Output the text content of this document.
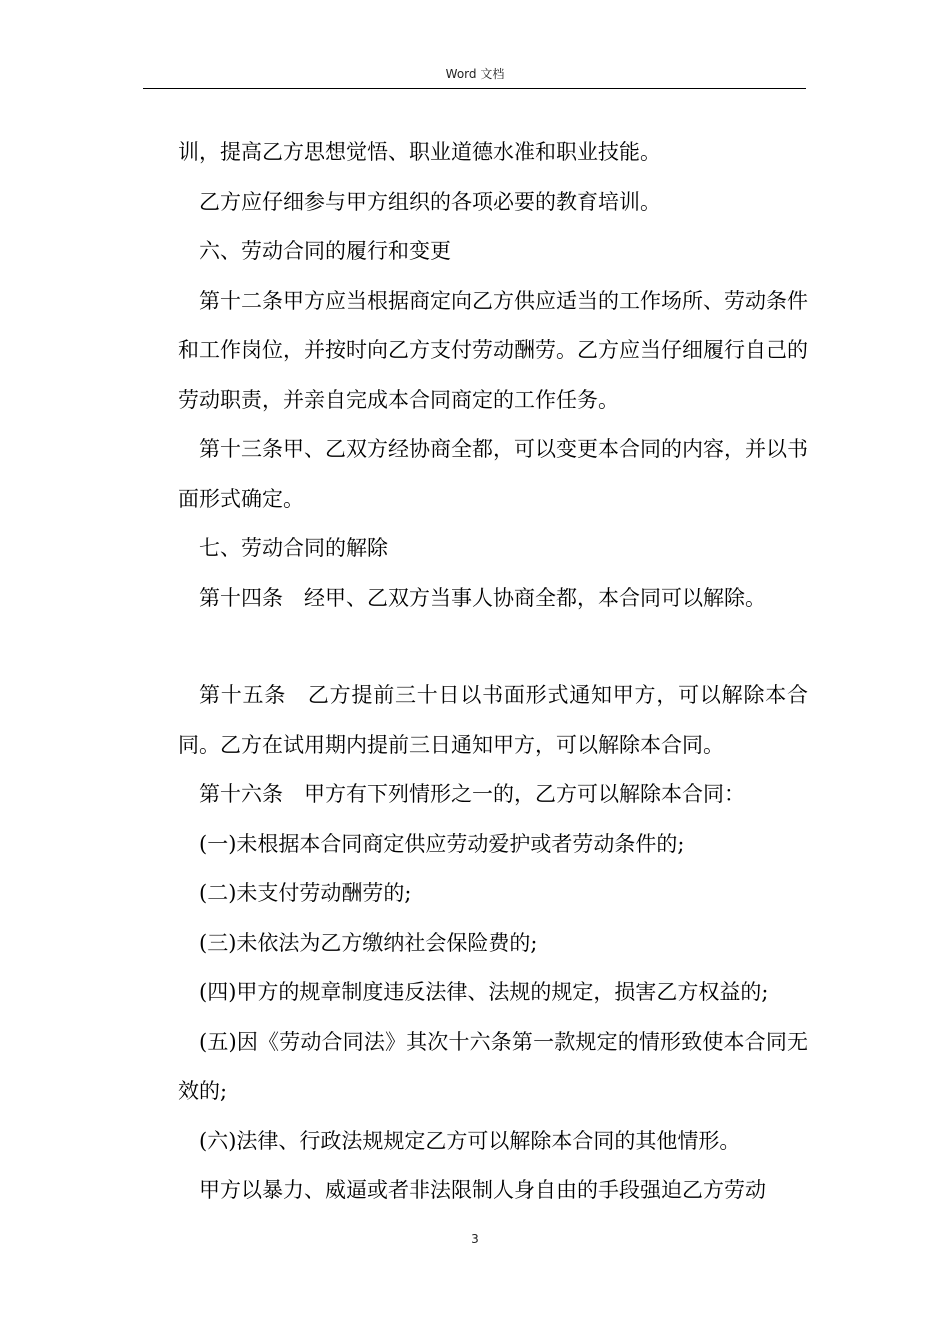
Word 文档

训，提高乙方思想觉悟、职业道德水准和职业技能。

乙方应仔细参与甲方组织的各项必要的教育培训。

六、劳动合同的履行和变更

第十二条甲方应当根据商定向乙方供应适当的工作场所、劳动条件和工作岗位，并按时向乙方支付劳动酬劳。乙方应当仔细履行自己的劳动职责，并亲自完成本合同商定的工作任务。

第十三条甲、乙双方经协商全都，可以变更本合同的内容，并以书面形式确定。

七、劳动合同的解除

第十四条　经甲、乙双方当事人协商全都，本合同可以解除。

第十五条　乙方提前三十日以书面形式通知甲方，可以解除本合同。乙方在试用期内提前三日通知甲方，可以解除本合同。

第十六条　甲方有下列情形之一的，乙方可以解除本合同：

(一)未根据本合同商定供应劳动爱护或者劳动条件的;

(二)未支付劳动酬劳的;

(三)未依法为乙方缴纳社会保险费的;

(四)甲方的规章制度违反法律、法规的规定，损害乙方权益的;

(五)因《劳动合同法》其次十六条第一款规定的情形致使本合同无效的;

(六)法律、行政法规规定乙方可以解除本合同的其他情形。

甲方以暴力、威逼或者非法限制人身自由的手段强迫乙方劳动

3
